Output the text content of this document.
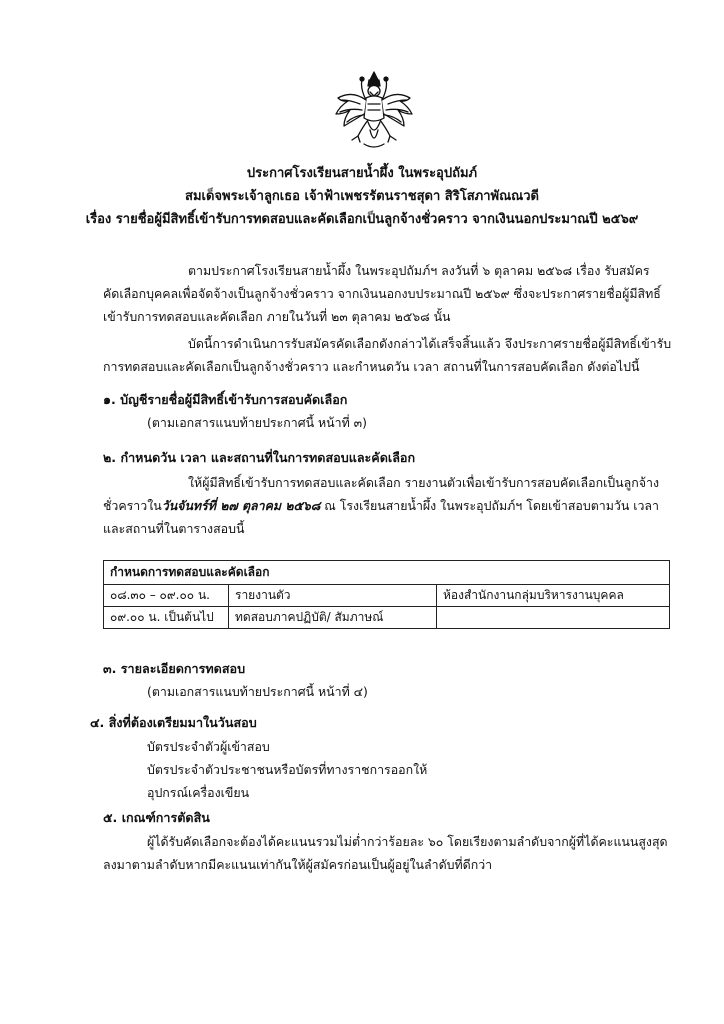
ประกาศโรงเรียนสายน้ำผึ้ง ในพระอุปถัมภ์
สมเด็จพระเจ้าลูกเธอ เจ้าฟ้าเพชรรัตนราชสุดา สิริโสภาพัณณวดี
เรื่อง รายชื่อผู้มีสิทธิ์เข้ารับการทดสอบและคัดเลือกเป็นลูกจ้างชั่วคราว จากเงินนอกประมาณปี ๒๕๖๙
ตามประกาศโรงเรียนสายน้ำผึ้ง ในพระอุปถัมภ์ฯ ลงวันที่ ๖ ตุลาคม ๒๕๖๘ เรื่อง รับสมัคร
คัดเลือกบุคคลเพื่อจัดจ้างเป็นลูกจ้างชั่วคราว จากเงินนอกงบประมาณปี ๒๕๖๙ ซึ่งจะประกาศรายชื่อผู้มีสิทธิ์
เข้ารับการทดสอบและคัดเลือก ภายในวันที่ ๒๓ ตุลาคม ๒๕๖๘ นั้น
บัดนี้การดำเนินการรับสมัครคัดเลือกดังกล่าวได้เสร็จสิ้นแล้ว จึงประกาศรายชื่อผู้มีสิทธิ์เข้ารับ
การทดสอบและคัดเลือกเป็นลูกจ้างชั่วคราว และกำหนดวัน เวลา สถานที่ในการสอบคัดเลือก ดังต่อไปนี้
๑. บัญชีรายชื่อผู้มีสิทธิ์เข้ารับการสอบคัดเลือก
(ตามเอกสารแนบท้ายประกาศนี้ หน้าที่ ๓)
๒. กำหนดวัน เวลา และสถานที่ในการทดสอบและคัดเลือก
ให้ผู้มีสิทธิ์เข้ารับการทดสอบและคัดเลือก รายงานตัวเพื่อเข้ารับการสอบคัดเลือกเป็นลูกจ้าง
ชั่วคราวในวันจันทร์ที่ ๒๗ ตุลาคม ๒๕๖๘ ณ โรงเรียนสายน้ำผึ้ง ในพระอุปถัมภ์ฯ โดยเข้าสอบตามวัน เวลา
และสถานที่ในตารางสอบนี้
กำหนดการทดสอบและคัดเลือก		
๐๘.๓๐ – ๐๙.๐๐ น.	รายงานตัว	ห้องสำนักงานกลุ่มบริหารงานบุคคล
๐๙.๐๐ น. เป็นต้นไป	ทดสอบภาคปฏิบัติ/ สัมภาษณ์	
๓. รายละเอียดการทดสอบ
(ตามเอกสารแนบท้ายประกาศนี้ หน้าที่ ๔)
๔. สิ่งที่ต้องเตรียมมาในวันสอบ
บัตรประจำตัวผู้เข้าสอบ
บัตรประจำตัวประชาชนหรือบัตรที่ทางราชการออกให้
อุปกรณ์เครื่องเขียน
๕. เกณฑ์การตัดสิน
ผู้ได้รับคัดเลือกจะต้องได้คะแนนรวมไม่ต่ำกว่าร้อยละ ๖๐ โดยเรียงตามลำดับจากผู้ที่ได้คะแนนสูงสุด
ลงมาตามลำดับหากมีคะแนนเท่ากันให้ผู้สมัครก่อนเป็นผู้อยู่ในลำดับที่ดีกว่า
